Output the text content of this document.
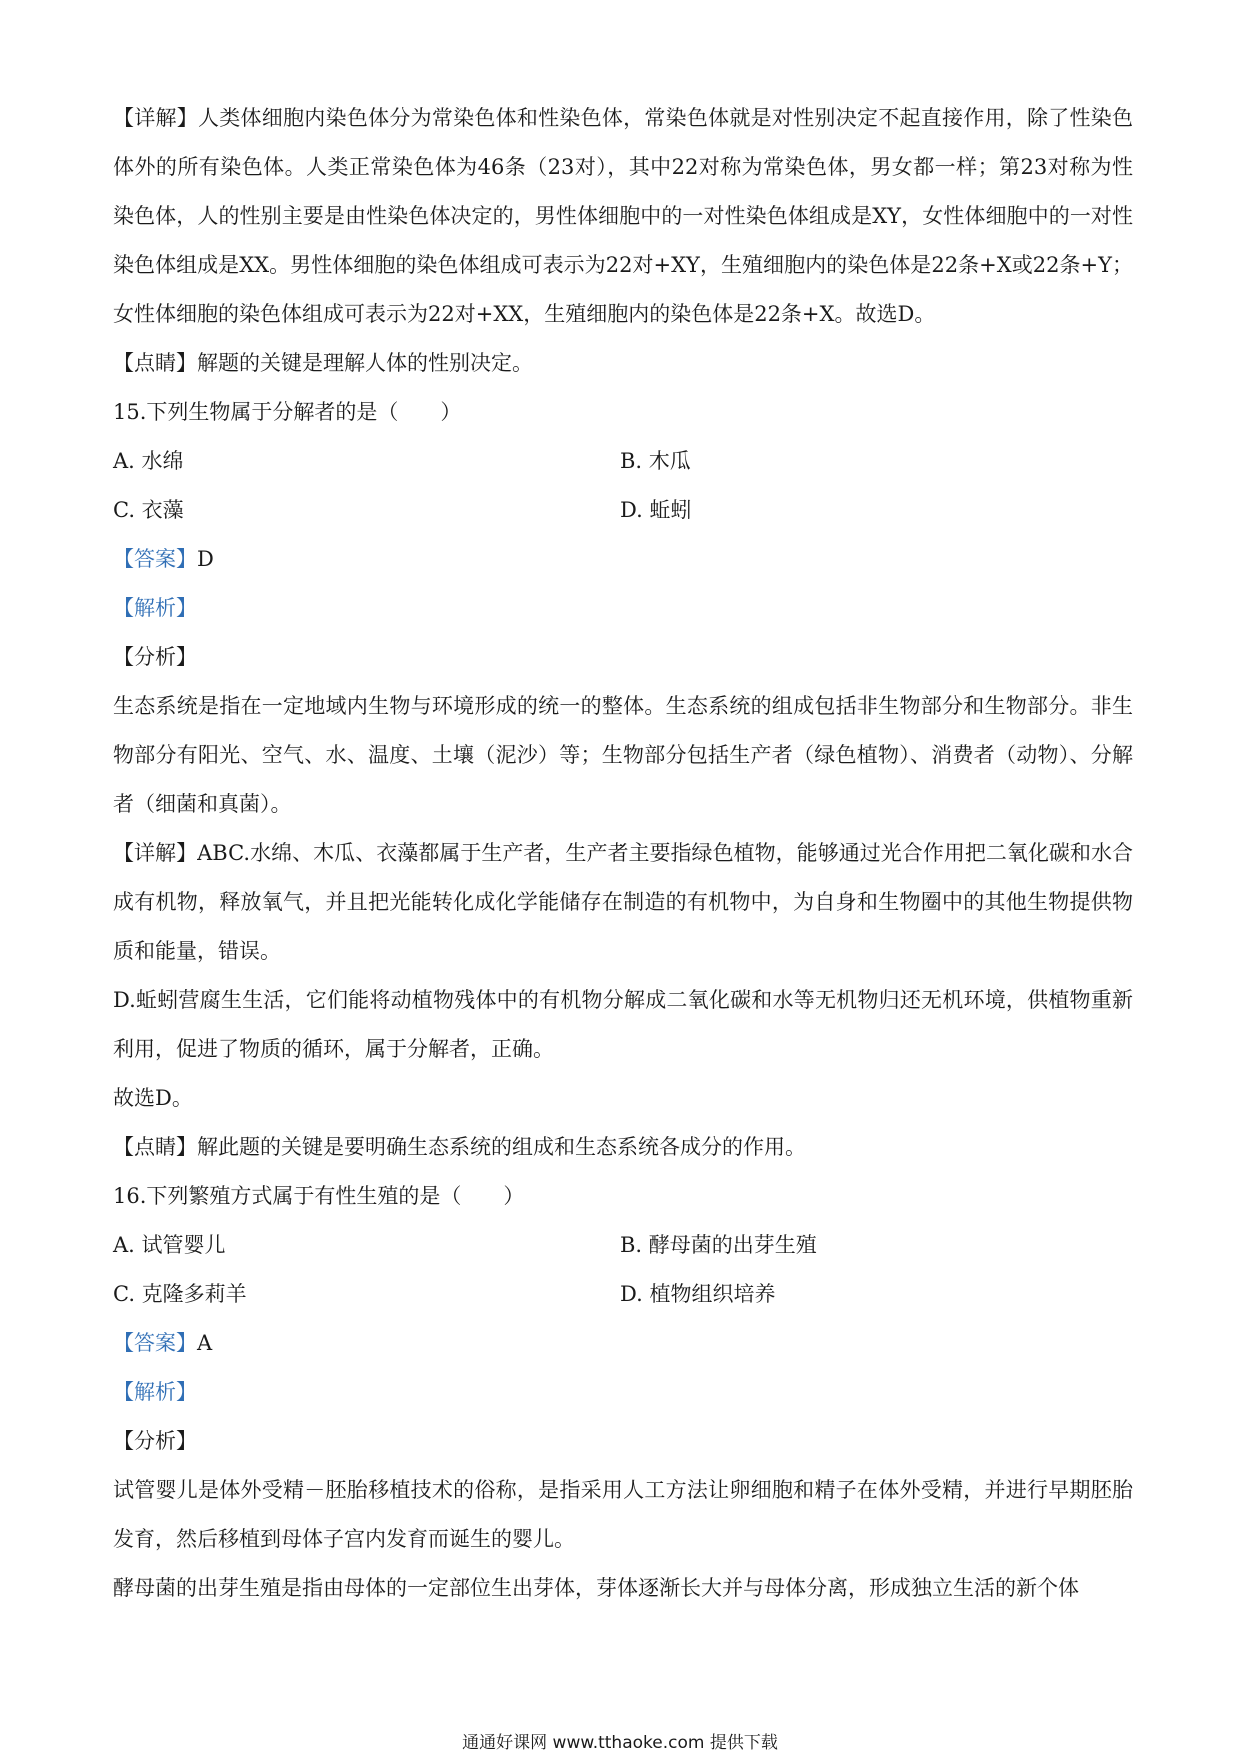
【详解】人类体细胞内染色体分为常染色体和性染色体，常染色体就是对性别决定不起直接作用，除了性染色体外的所有染色体。人类正常染色体为46条（23对），其中22对称为常染色体，男女都一样；第23对称为性染色体，人的性别主要是由性染色体决定的，男性体细胞中的一对性染色体组成是XY，女性体细胞中的一对性染色体组成是XX。男性体细胞的染色体组成可表示为22对+XY，生殖细胞内的染色体是22条+X或22条+Y；女性体细胞的染色体组成可表示为22对+XX，生殖细胞内的染色体是22条+X。故选D。

【点睛】解题的关键是理解人体的性别决定。

15.下列生物属于分解者的是（　　）

A. 水绵	B. 木瓜
C. 衣藻	D. 蚯蚓

【答案】D

【解析】

【分析】

生态系统是指在一定地域内生物与环境形成的统一的整体。生态系统的组成包括非生物部分和生物部分。非生物部分有阳光、空气、水、温度、土壤（泥沙）等；生物部分包括生产者（绿色植物）、消费者（动物）、分解者（细菌和真菌）。

【详解】ABC.水绵、木瓜、衣藻都属于生产者，生产者主要指绿色植物，能够通过光合作用把二氧化碳和水合成有机物，释放氧气，并且把光能转化成化学能储存在制造的有机物中，为自身和生物圈中的其他生物提供物质和能量，错误。

D.蚯蚓营腐生生活，它们能将动植物残体中的有机物分解成二氧化碳和水等无机物归还无机环境，供植物重新利用，促进了物质的循环，属于分解者，正确。

故选D。

【点睛】解此题的关键是要明确生态系统的组成和生态系统各成分的作用。

16.下列繁殖方式属于有性生殖的是（　　）

A. 试管婴儿	B. 酵母菌的出芽生殖
C. 克隆多莉羊	D. 植物组织培养

【答案】A

【解析】

【分析】

试管婴儿是体外受精－胚胎移植技术的俗称，是指采用人工方法让卵细胞和精子在体外受精，并进行早期胚胎发育，然后移植到母体子宫内发育而诞生的婴儿。

酵母菌的出芽生殖是指由母体的一定部位生出芽体，芽体逐渐长大并与母体分离，形成独立生活的新个体

通通好课网 www.tthaoke.com 提供下载
